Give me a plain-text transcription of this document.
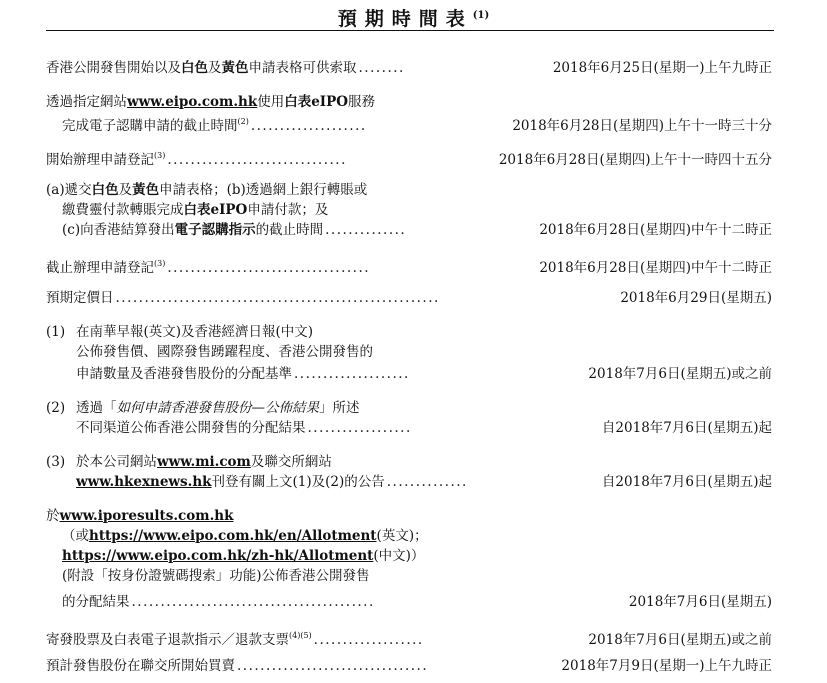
預期時間表$^{(1)}$
香港公開發售開始以及白色及黃色申請表格可供索取 ........	2018年6月25日(星期一)上午九時正
透過指定網站www.eipo.com.hk使用白表eIPO服務
完成電子認購申請的截止時間$^{(2)}$ ....................	2018年6月28日(星期四)上午十一時三十分
開始辦理申請登記$^{(3)}$ ...............................	2018年6月28日(星期四)上午十一時四十五分
(a)遞交白色及黃色申請表格；(b)透過網上銀行轉賬或
繳費靈付款轉賬完成白表eIPO申請付款；及
(c)向香港結算發出電子認購指示的截止時間 ..............	2018年6月28日(星期四)中午十二時正
截止辦理申請登記$^{(3)}$ ...................................	2018年6月28日(星期四)中午十二時正
預期定價日 ........................................................	2018年6月29日(星期五)
(1) 在南華早報(英文)及香港經濟日報(中文)
公佈發售價、國際發售踴躍程度、香港公開發售的
申請數量及香港發售股份的分配基準 ....................	2018年7月6日(星期五)或之前
(2) 透過「如何申請香港發售股份—公佈結果」所述
不同渠道公佈香港公開發售的分配結果 ..................	自2018年7月6日(星期五)起
(3) 於本公司網站www.mi.com及聯交所網站
www.hkexnews.hk刊登有關上文(1)及(2)的公告 ..............	自2018年7月6日(星期五)起
於www.iporesults.com.hk
（或https://www.eipo.com.hk/en/Allotment(英文)；
https://www.eipo.com.hk/zh-hk/Allotment(中文)）
(附設「按身份證號碼搜索」功能)公佈香港公開發售
的分配結果 ..........................................	2018年7月6日(星期五)
寄發股票及白表電子退款指示／退款支票$^{(4)(5)}$ ...................	2018年7月6日(星期五)或之前
預計發售股份在聯交所開始買賣 .................................	2018年7月9日(星期一)上午九時正
